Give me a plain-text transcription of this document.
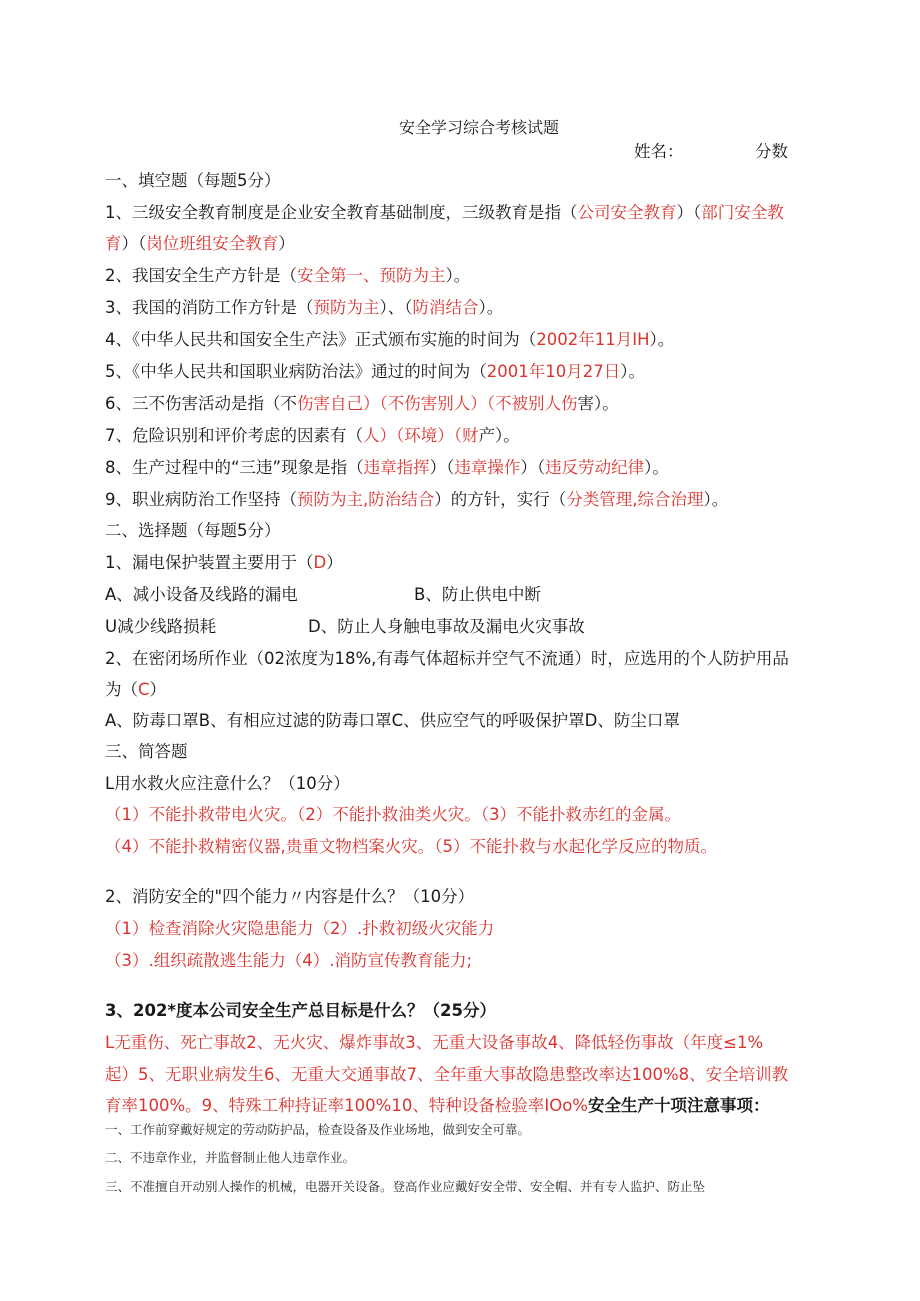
安全学习综合考核试题
姓名：	分数
一、填空题（每题5分）
1、三级安全教育制度是企业安全教育基础制度，三级教育是指（公司安全教育）（部门安全教
育）（岗位班组安全教育）
2、我国安全生产方针是（安全第一、预防为主）。
3、我国的消防工作方针是（预防为主）、（防消结合）。
4、《中华人民共和国安全生产法》正式颁布实施的时间为（2002年11月IH）。
5、《中华人民共和国职业病防治法》通过的时间为（2001年10月27日）。
6、三不伤害活动是指（不伤害自己）（不伤害别人）（不被别人伤害）。
7、危险识别和评价考虑的因素有（人）（环境）（财产）。
8、生产过程中的“三违”现象是指（违章指挥）（违章操作）（违反劳动纪律）。
9、职业病防治工作坚持（预防为主,防治结合）的方针，实行（分类管理,综合治理）。
二、选择题（每题5分）
1、漏电保护装置主要用于（D）
A、减小设备及线路的漏电	B、防止供电中断
U减少线路损耗	D、防止人身触电事故及漏电火灾事故
2、在密闭场所作业（02浓度为18%,有毒气体超标并空气不流通）时，应选用的个人防护用品
为（C）
A、防毒口罩B、有相应过滤的防毒口罩C、供应空气的呼吸保护罩D、防尘口罩
三、简答题
L用水救火应注意什么？（10分）
（1）不能扑救带电火灾。（2）不能扑救油类火灾。（3）不能扑救赤红的金属。
（4）不能扑救精密仪器,贵重文物档案火灾。（5）不能扑救与水起化学反应的物质。
2、消防安全的"四个能力〃内容是什么？（10分）
（1）检查消除火灾隐患能力（2）.扑救初级火灾能力
（3）.组织疏散逃生能力（4）.消防宣传教育能力;
3、202*度本公司安全生产总目标是什么？（25分）
L无重伤、死亡事故2、无火灾、爆炸事故3、无重大设备事故4、降低轻伤事故（年度≤1%
起）5、无职业病发生6、无重大交通事故7、全年重大事故隐患整改率达100%8、安全培训教
育率100%。9、特殊工种持证率100%10、特种设备检验率IOo%安全生产十项注意事项：
一、工作前穿戴好规定的劳动防护品，检查设备及作业场地，做到安全可靠。
二、不违章作业，并监督制止他人违章作业。
三、不准擅自开动别人操作的机械，电器开关设备。登高作业应戴好安全带、安全帽、并有专人监护、防止坠
